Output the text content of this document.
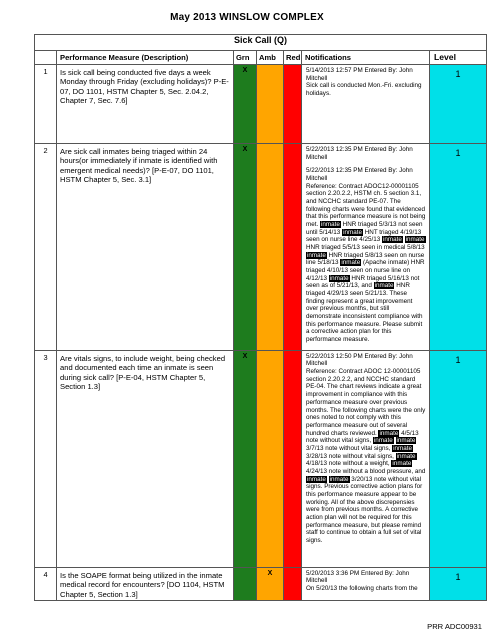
May 2013 WINSLOW COMPLEX
Sick Call (Q)						
	Performance Measure (Description)	Grn	Amb	Red	Notifications	Level
1	Is sick call being conducted five days a week Monday through Friday (excluding holidays)? P-E-07, DO 1101, HSTM Chapter 5, Sec. 2.04.2, Chapter 7, Sec. 7.6]	X			5/14/2013 12:57 PM Entered By: John Mitchell
Sick call is conducted Mon.-Fri. excluding holidays.	1
2	Are sick call inmates being triaged within 24 hours(or immediately if inmate is identified with emergent medical needs)? [P-E-07, DO 1101, HSTM Chapter 5, Sec. 3.1]	X			5/22/2013 12:35 PM Entered By: John Mitchell

5/22/2013 12:35 PM Entered By: John Mitchell
Reference: Contract ADOC12-00001105 section 2.20.2.2, HSTM ch. 5 section 3.1, and NCCHC standard PE-07. The following charts were found that evidenced that this performance measure is not being met. inmate HNR triaged 5/3/13 not seen until 5/14/13 inmate HNT triaged 4/19/13 seen on nurse line 4/25/13 inmate inmate HNR triaged 5/5/13 seen in medical 5/8/13 inmate HNR triaged 5/8/13 seen on nurse line 5/18/13 inmate (Apache inmate) HNR triaged 4/10/13 seen on nurse line on 4/12/13 inmate HNR triaged 5/16/13 not seen as of 5/21/13, and inmate HNR triaged 4/29/13 seen 5/21/13. These finding represent a great improvement over previous months, but still demonstrate inconsistent compliance with this performance measure. Please submit a corrective action plan for this performance measure.	1
3	Are vitals signs, to include weight, being checked and documented each time an inmate is seen during sick call? [P-E-04, HSTM Chapter 5, Section 1.3]	X			5/22/2013 12:50 PM Entered By: John Mitchell
Reference: Contract ADOC 12-00001105 section 2.20.2.2, and NCCHC standard PE-04. The chart reviews indicate a great improvement in compliance with this performance measure over previous months. The following charts were the only ones noted to not comply with this performance measure out of several hundred charts reviewed. inmate 4/5/13 note without vital signs, inmate inmate 3/7/13 note without vital signs, inmate 3/28/13 note without vital signs, inmate 4/18/13 note without a weight, inmate 4/24/13 note without a blood pressure, and inmate inmate 3/20/13 note without vital signs. Previous corrective action plans for this performance measure appear to be working. All of the above discrepensies were from previous months. A corrective action plan will not be required for this performance measure, but please remind staff to continue to obtain a full set of vital signs.	1
4	Is the SOAPE format being utilized in the inmate medical record for encounters? [DO 1104, HSTM Chapter 5, Section 1.3]		X		5/20/2013 3:36 PM Entered By: John Mitchell
On 5/20/13 the following charts from the	1
PRR ADC00931
